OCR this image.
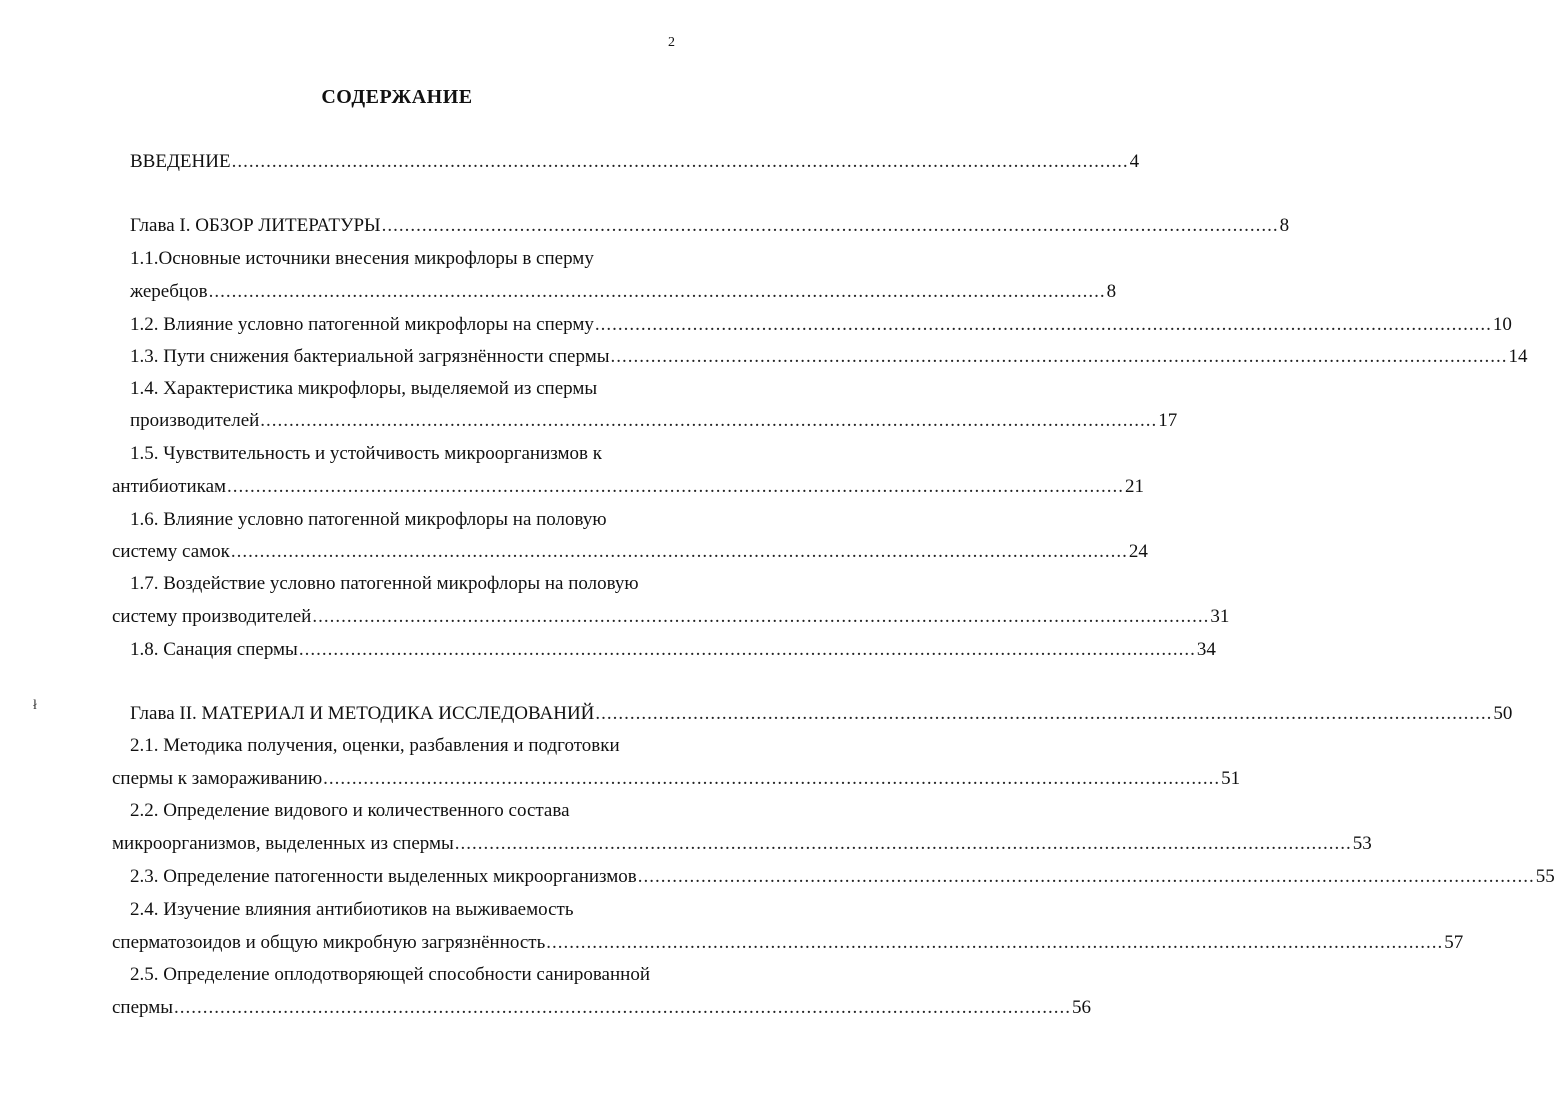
2
СОДЕРЖАНИЕ
ВВЕДЕНИЕ ............................................................................................................................................................ 4
Глава I. ОБЗОР ЛИТЕРАТУРЫ ............................................................................................................................................................ 8
1.1.Основные источники внесения микрофлоры в сперму
жеребцов ............................................................................................................................................................ 8
1.2. Влияние условно патогенной микрофлоры на сперму ............................................................................................................................................................ 10
1.3. Пути снижения бактериальной загрязнённости спермы ............................................................................................................................................................ 14
1.4. Характеристика микрофлоры, выделяемой из спермы
производителей ............................................................................................................................................................ 17
1.5. Чувствительность и устойчивость микроорганизмов к
антибиотикам ............................................................................................................................................................ 21
1.6. Влияние условно патогенной микрофлоры на половую
систему самок ............................................................................................................................................................ 24
1.7. Воздействие условно патогенной микрофлоры на половую
систему производителей ............................................................................................................................................................ 31
1.8. Санация спермы ............................................................................................................................................................ 34
ł	Глава II. МАТЕРИАЛ И МЕТОДИКА ИССЛЕДОВАНИЙ ............................................................................................................................................................ 50
2.1. Методика получения, оценки, разбавления и подготовки
спермы к замораживанию ............................................................................................................................................................ 51
2.2. Определение видового и количественного состава
микроорганизмов, выделенных из спермы ............................................................................................................................................................ 53
2.3. Определение патогенности выделенных микроорганизмов ............................................................................................................................................................ 55
2.4. Изучение влияния антибиотиков на выживаемость
сперматозоидов и общую микробную загрязнённость ............................................................................................................................................................ 57
2.5. Определение оплодотворяющей способности санированной
спермы ............................................................................................................................................................ 56
